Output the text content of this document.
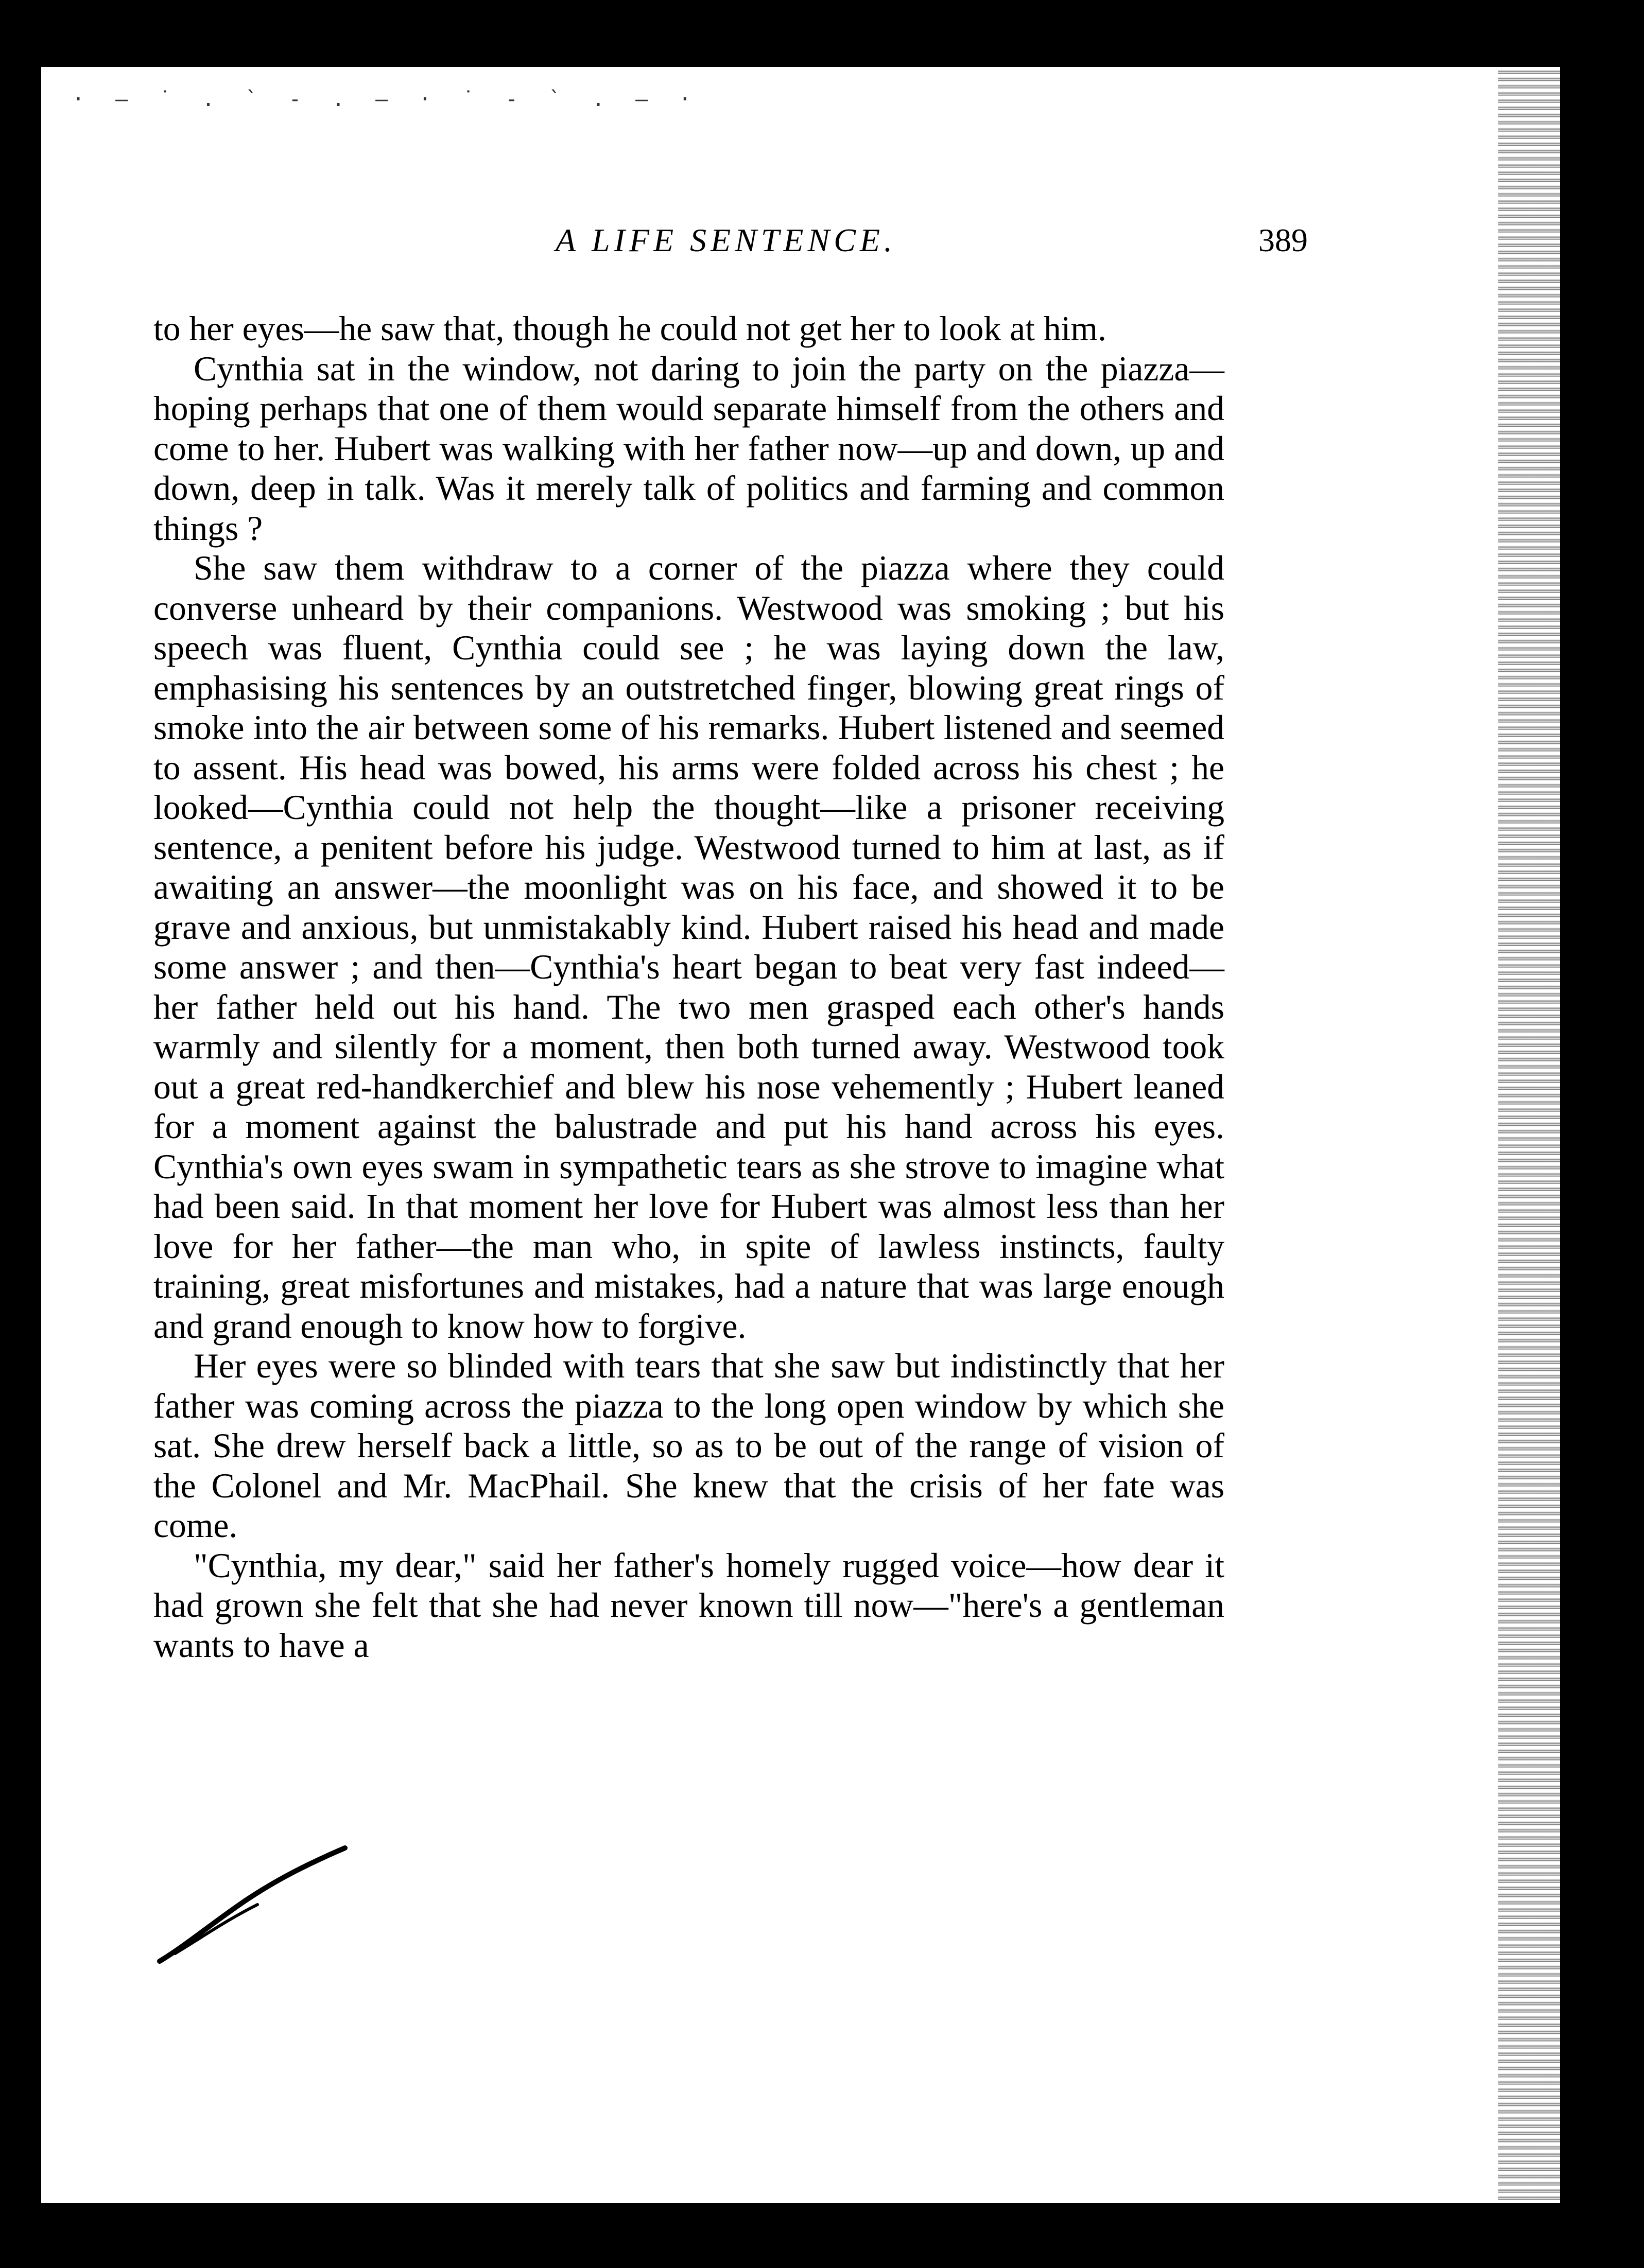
· – ˙ . ` - . – · ˙ - ` . – ·
A LIFE SENTENCE.	389

to her eyes—he saw that, though he could not get her to look at him.

Cynthia sat in the window, not daring to join the party on the piazza—hoping perhaps that one of them would separate himself from the others and come to her. Hubert was walking with her father now—up and down, up and down, deep in talk. Was it merely talk of politics and farming and common things ?

She saw them withdraw to a corner of the piazza where they could converse unheard by their companions. Westwood was smoking ; but his speech was fluent, Cynthia could see ; he was laying down the law, emphasising his sentences by an outstretched finger, blowing great rings of smoke into the air between some of his remarks. Hubert listened and seemed to assent. His head was bowed, his arms were folded across his chest ; he looked—Cynthia could not help the thought—like a prisoner receiving sentence, a penitent before his judge. Westwood turned to him at last, as if awaiting an answer—the moonlight was on his face, and showed it to be grave and anxious, but unmistakably kind. Hubert raised his head and made some answer ; and then—Cynthia's heart began to beat very fast indeed—her father held out his hand. The two men grasped each other's hands warmly and silently for a moment, then both turned away. Westwood took out a great red-handkerchief and blew his nose vehemently ; Hubert leaned for a moment against the balustrade and put his hand across his eyes. Cynthia's own eyes swam in sympathetic tears as she strove to imagine what had been said. In that moment her love for Hubert was almost less than her love for her father—the man who, in spite of lawless instincts, faulty training, great misfortunes and mistakes, had a nature that was large enough and grand enough to know how to forgive.

Her eyes were so blinded with tears that she saw but indistinctly that her father was coming across the piazza to the long open window by which she sat. She drew herself back a little, so as to be out of the range of vision of the Colonel and Mr. MacPhail. She knew that the crisis of her fate was come.

"Cynthia, my dear," said her father's homely rugged voice—how dear it had grown she felt that she had never known till now—"here's a gentleman wants to have a
